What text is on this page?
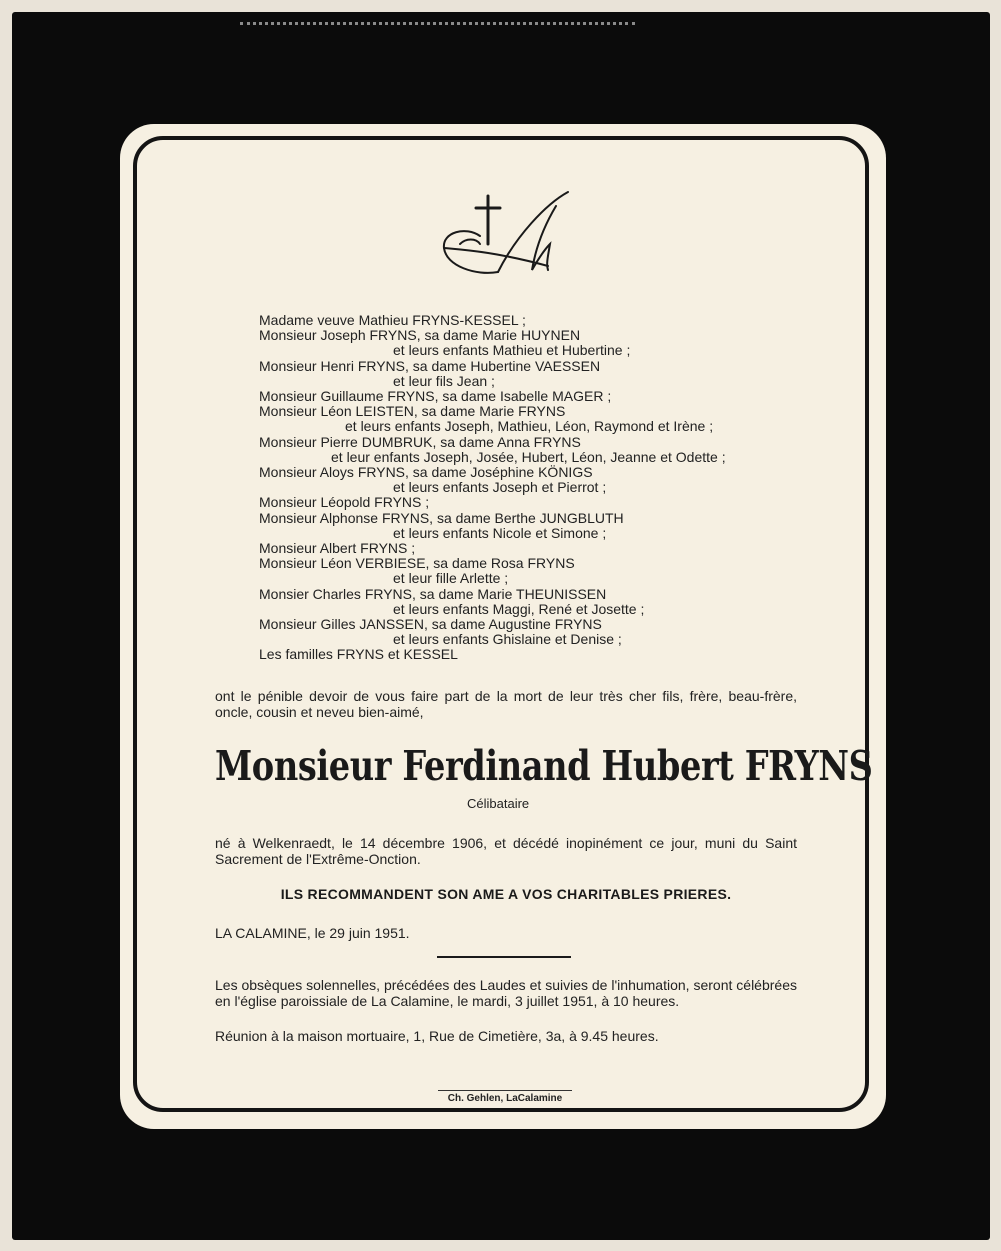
Madame veuve Mathieu FRYNS-KESSEL ;
Monsieur Joseph FRYNS, sa dame Marie HUYNEN
et leurs enfants Mathieu et Hubertine ;
Monsieur Henri FRYNS, sa dame Hubertine VAESSEN
et leur fils Jean ;
Monsieur Guillaume FRYNS, sa dame Isabelle MAGER ;
Monsieur Léon LEISTEN, sa dame Marie FRYNS
et leurs enfants Joseph, Mathieu, Léon, Raymond et Irène ;
Monsieur Pierre DUMBRUK, sa dame Anna FRYNS
et leur enfants Joseph, Josée, Hubert, Léon, Jeanne et Odette ;
Monsieur Aloys FRYNS, sa dame Joséphine KÖNIGS
et leurs enfants Joseph et Pierrot ;
Monsieur Léopold FRYNS ;
Monsieur Alphonse FRYNS, sa dame Berthe JUNGBLUTH
et leurs enfants Nicole et Simone ;
Monsieur Albert FRYNS ;
Monsieur Léon VERBIESE, sa dame Rosa FRYNS
et leur fille Arlette ;
Monsier Charles FRYNS, sa dame Marie THEUNISSEN
et leurs enfants Maggi, René et Josette ;
Monsieur Gilles JANSSEN, sa dame Augustine FRYNS
et leurs enfants Ghislaine et Denise ;
Les familles FRYNS et KESSEL

ont le pénible devoir de vous faire part de la mort de leur très cher fils, frère, beau-frère, oncle, cousin et neveu bien-aimé,

Monsieur Ferdinand Hubert FRYNS
Célibataire

né à Welkenraedt, le 14 décembre 1906, et décédé inopinément ce jour, muni du Saint Sacrement de l'Extrême-Onction.

ILS RECOMMANDENT SON AME A VOS CHARITABLES PRIERES.
LA CALAMINE, le 29 juin 1951.

Les obsèques solennelles, précédées des Laudes et suivies de l'inhumation, seront célébrées en l'église paroissiale de La Calamine, le mardi, 3 juillet 1951, à 10 heures.

Réunion à la maison mortuaire, 1, Rue de Cimetière, 3a, à 9.45 heures.

Ch. Gehlen, LaCalamine
